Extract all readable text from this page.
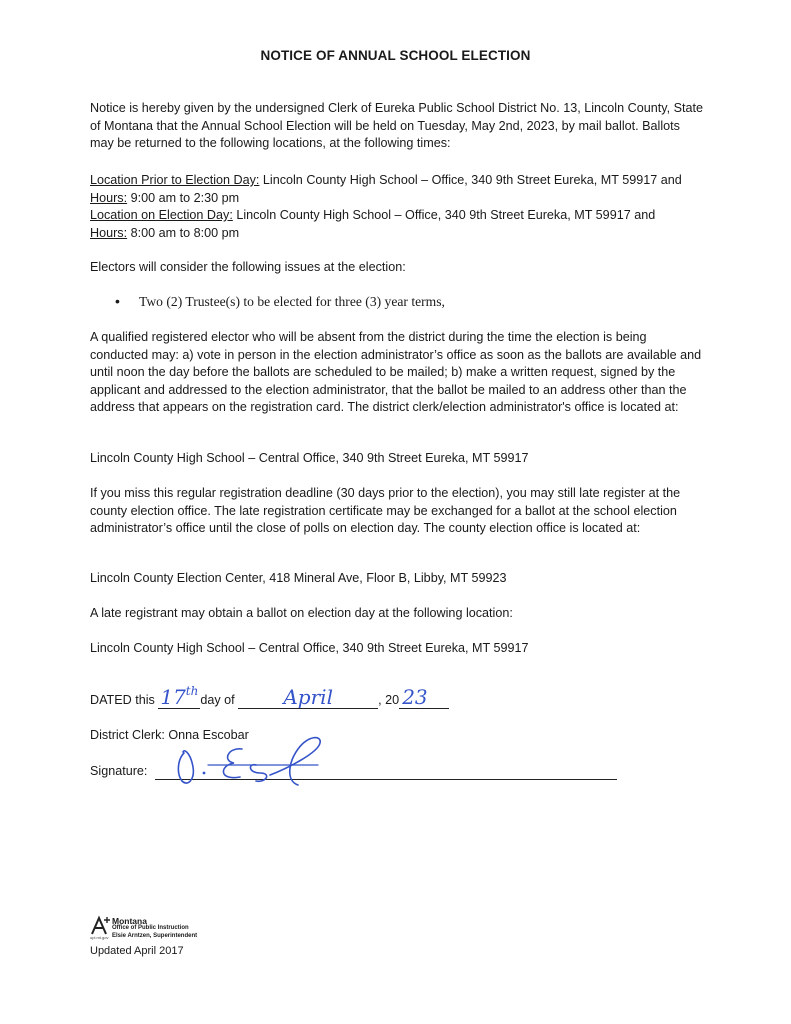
NOTICE OF ANNUAL SCHOOL ELECTION
Notice is hereby given by the undersigned Clerk of Eureka Public School District No. 13, Lincoln County, State of Montana that the Annual School Election will be held on Tuesday, May 2nd, 2023, by mail ballot. Ballots may be returned to the following locations, at the following times:
Location Prior to Election Day: Lincoln County High School – Office, 340 9th Street Eureka, MT 59917 and
Hours: 9:00 am to 2:30 pm
Location on Election Day: Lincoln County High School – Office, 340 9th Street Eureka, MT 59917 and
Hours: 8:00 am to 8:00 pm
Electors will consider the following issues at the election:
• Two (2) Trustee(s) to be elected for three (3) year terms,
A qualified registered elector who will be absent from the district during the time the election is being conducted may: a) vote in person in the election administrator’s office as soon as the ballots are available and until noon the day before the ballots are scheduled to be mailed; b) make a written request, signed by the applicant and addressed to the election administrator, that the ballot be mailed to an address other than the address that appears on the registration card. The district clerk/election administrator's office is located at:
Lincoln County High School – Central Office, 340 9th Street Eureka, MT 59917
If you miss this regular registration deadline (30 days prior to the election), you may still late register at the county election office. The late registration certificate may be exchanged for a ballot at the school election administrator’s office until the close of polls on election day. The county election office is located at:
Lincoln County Election Center, 418 Mineral Ave, Floor B, Libby, MT 59923
A late registrant may obtain a ballot on election day at the following location:
Lincoln County High School – Central Office, 340 9th Street Eureka, MT 59917
DATED this 17th
day of	April	, 20 23
District Clerk: Onna Escobar
Signature:
Montana
Office of Public Instruction
opi.mt.gov Elsie Arntzen, Superintendent
Updated April 2017
